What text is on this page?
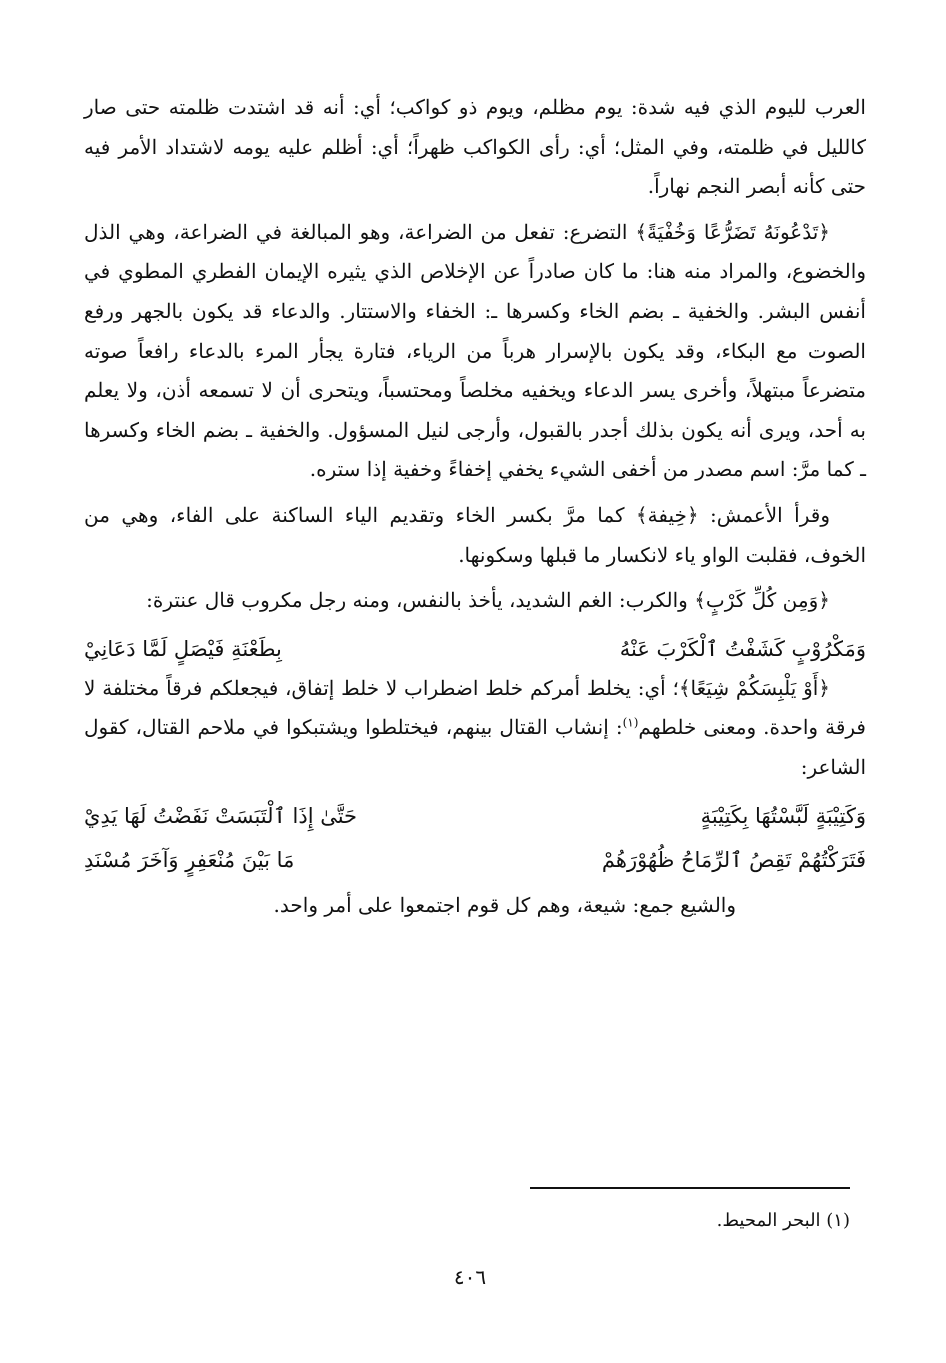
العرب لليوم الذي فيه شدة: يوم مظلم، ويوم ذو كواكب؛ أي: أنه قد اشتدت ظلمته حتى صار كالليل في ظلمته، وفي المثل؛ أي: رأى الكواكب ظهراً؛ أي: أظلم عليه يومه لاشتداد الأمر فيه حتى كأنه أبصر النجم نهاراً.

﴿تَدْعُونَهُ تَضَرُّعًا وَخُفْيَةً﴾ التضرع: تفعل من الضراعة، وهو المبالغة في الضراعة، وهي الذل والخضوع، والمراد منه هنا: ما كان صادراً عن الإخلاص الذي يثيره الإيمان الفطري المطوي في أنفس البشر. والخفية ـ بضم الخاء وكسرها ـ: الخفاء والاستتار. والدعاء قد يكون بالجهر ورفع الصوت مع البكاء، وقد يكون بالإسرار هرباً من الرياء، فتارة يجأر المرء بالدعاء رافعاً صوته متضرعاً مبتهلاً، وأخرى يسر الدعاء ويخفيه مخلصاً ومحتسباً، ويتحرى أن لا تسمعه أذن، ولا يعلم به أحد، ويرى أنه يكون بذلك أجدر بالقبول، وأرجى لنيل المسؤول. والخفية ـ بضم الخاء وكسرها ـ كما مرَّ: اسم مصدر من أخفى الشيء يخفي إخفاءً وخفية إذا ستره.

وقرأ الأعمش: ﴿خِيفة﴾ كما مرَّ بكسر الخاء وتقديم الياء الساكنة على الفاء، وهي من الخوف، فقلبت الواو ياء لانكسار ما قبلها وسكونها.

﴿وَمِن كُلِّ كَرْبٍ﴾ والكرب: الغم الشديد، يأخذ بالنفس، ومنه رجل مكروب قال عنترة:

وَمَكْرُوْبٍ كَشَفْتُ ٱلْكَرْبَ عَنْهُ
بِطَعْنَةِ فَيْصَلٍ لَمَّا دَعَانِيْ

﴿أَوْ يَلْبِسَكُمْ شِيَعًا﴾؛ أي: يخلط أمركم خلط اضطراب لا خلط إتفاق، فيجعلكم فرقاً مختلفة لا فرقة واحدة. ومعنى خلطهم$^{(١)}$: إنشاب القتال بينهم، فيختلطوا ويشتبكوا في ملاحم القتال، كقول الشاعر:

وَكَتِيْبَةٍ لَبَّسْتُهَا بِكَتِيْبَةٍ
حَتَّىٰ إِذَا ٱلْتَبَسَتْ نَفَضْتُ لَهَا يَدِيْ
فَتَرَكْتُهُمْ تَقِصُ ٱلرِّمَاحُ ظُهُوْرَهُمْ
مَا بَيْنَ مُنْعَفِرٍ وَآخَرَ مُسْنَدِ

والشيع جمع: شيعة، وهم كل قوم اجتمعوا على أمر واحد.

(١) البحر المحيط.
٤٠٦
